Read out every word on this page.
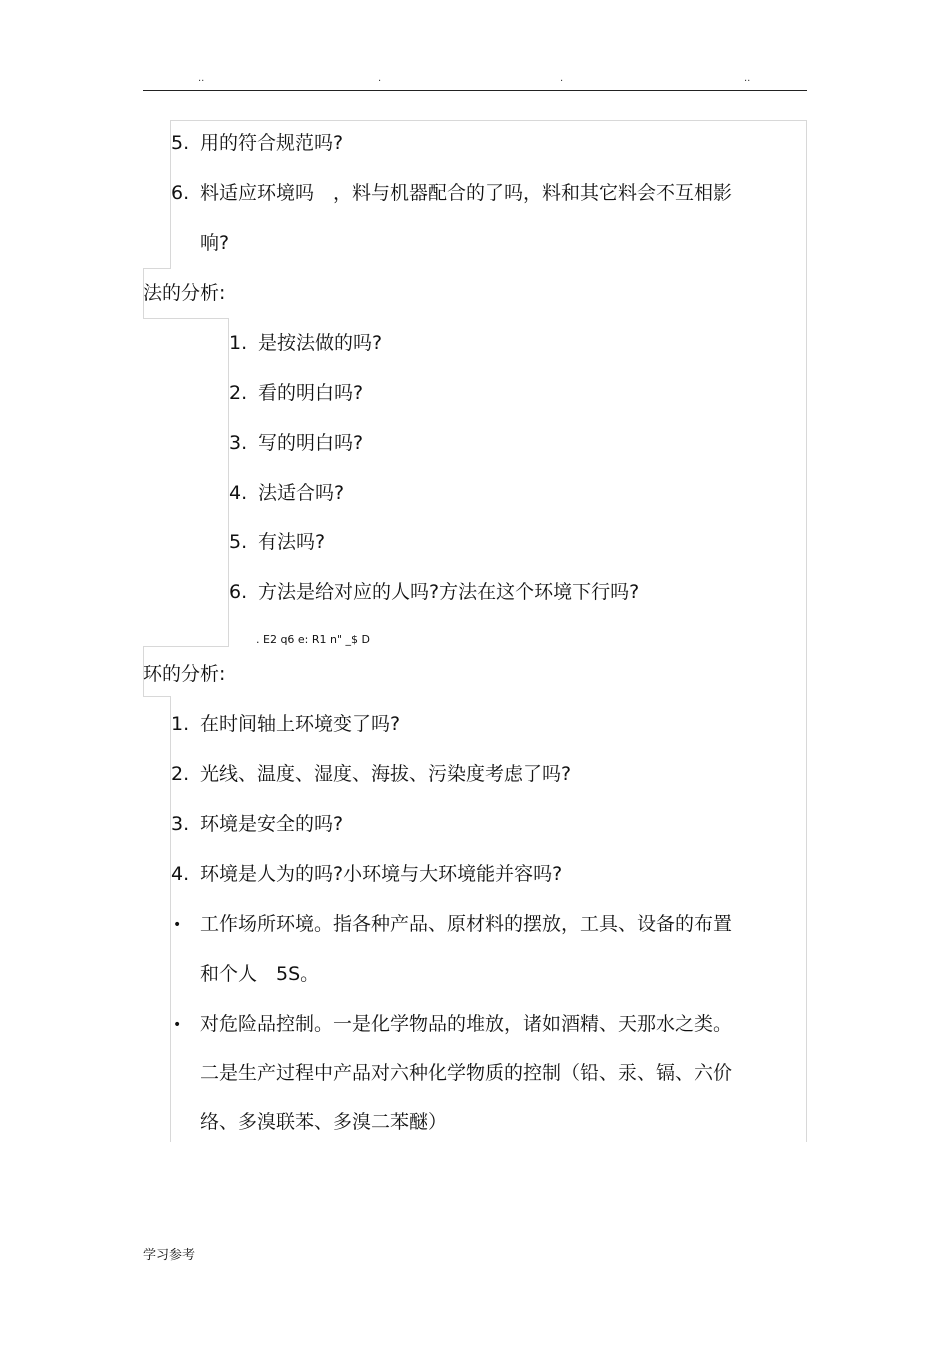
..	.	.	..
5. 用的符合规范吗?
6. 料适应环境吗　，料与机器配合的了吗，料和其它料会不互相影
响?
法的分析:
1. 是按法做的吗?
2. 看的明白吗?
3. 写的明白吗?
4. 法适合吗?
5. 有法吗?
6. 方法是给对应的人吗?方法在这个环境下行吗?
. E2 q6 e: R1 n" _$ D
环的分析:
1. 在时间轴上环境变了吗?
2. 光线、温度、湿度、海拔、污染度考虑了吗?
3. 环境是安全的吗?
4. 环境是人为的吗?小环境与大环境能并容吗?
• 工作场所环境。指各种产品、原材料的摆放，工具、设备的布置
和个人　5S。
• 对危险品控制。一是化学物品的堆放，诸如酒精、天那水之类。
二是生产过程中产品对六种化学物质的控制（铅、汞、镉、六价
络、多溴联苯、多溴二苯醚）
学习参考
